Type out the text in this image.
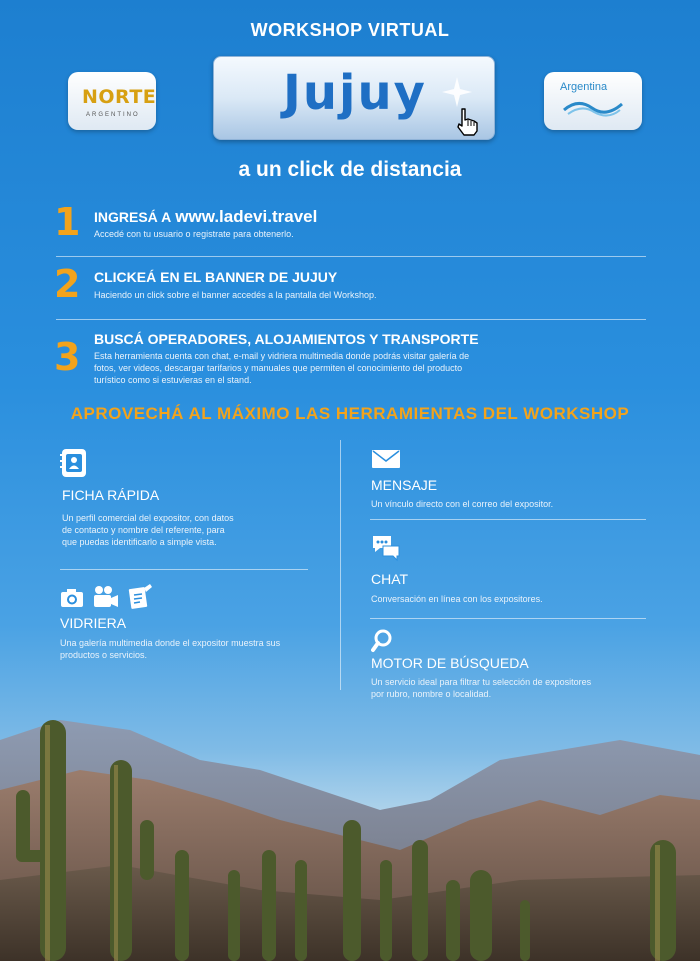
WORKSHOP VIRTUAL
NORTE
ARGENTINO	Jujuy	Argentina
a un click de distancia
1 INGRESÁ A www.ladevi.travel
Accedé con tu usuario o registrate para obtenerlo.
2 CLICKEÁ EN EL BANNER DE JUJUY
Haciendo un click sobre el banner accedés a la pantalla del Workshop.
3 BUSCÁ OPERADORES, ALOJAMIENTOS Y TRANSPORTE
Esta herramienta cuenta con chat, e-mail y vidriera multimedia donde podrás visitar galería de
fotos, ver videos, descargar tarifarios y manuales que permiten el conocimiento del producto
turístico como si estuvieras en el stand.
APROVECHÁ AL MÁXIMO LAS HERRAMIENTAS DEL WORKSHOP
FICHA RÁPIDA
Un perfil comercial del expositor, con datos
de contacto y nombre del referente, para
que puedas identificarlo a simple vista.
VIDRIERA
Una galería multimedia donde el expositor muestra sus
productos o servicios.
MENSAJE
Un vínculo directo con el correo del expositor.
CHAT
Conversación en línea con los expositores.
MOTOR DE BÚSQUEDA
Un servicio ideal para filtrar tu selección de expositores
por rubro, nombre o localidad.
